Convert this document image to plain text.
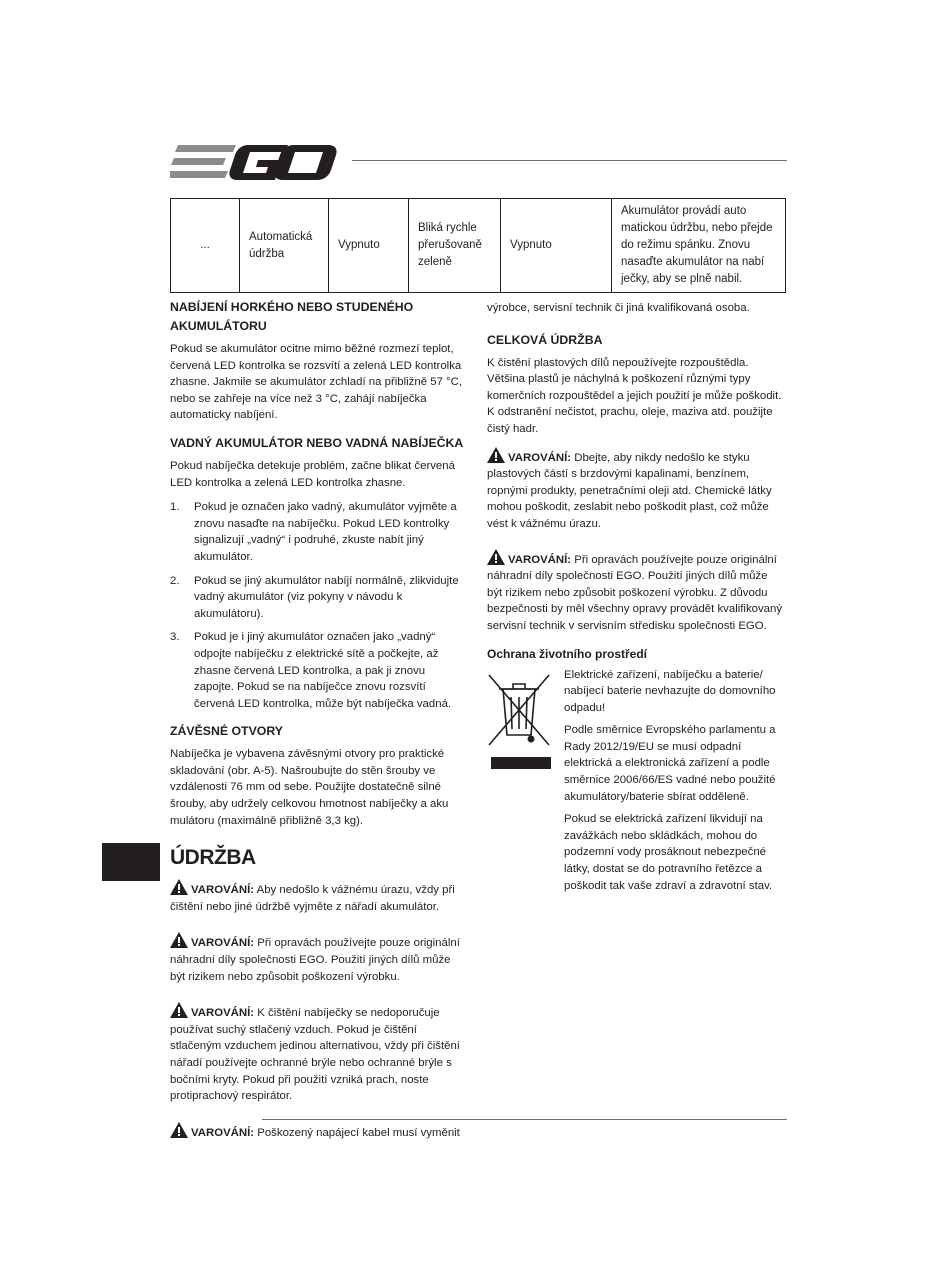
...	Automatická údržba	Vypnuto	Bliká rychle přerušovaně zeleně	Vypnuto	Akumulátor provádí auto matickou údržbu, nebo přejde do režimu spánku. Znovu nasaďte akumulátor na nabí ječky, aby se plně nabil.
NABÍJENÍ HORKÉHO NEBO STUDENÉHO AKUMULÁTORU

Pokud se akumulátor ocitne mimo běžné rozmezí teplot, červená LED kontrolka se rozsvítí a zelená LED kontrolka zhasne. Jakmile se akumulátor zchladí na přibližně 57 °C, nebo se zahřeje na více než 3 °C, zahájí nabíječka automaticky nabíjení.

VADNÝ AKUMULÁTOR NEBO VADNÁ NABÍJEČKA

Pokud nabíječka detekuje problém, začne blikat červená LED kontrolka a zelená LED kontrolka zhasne.

1. Pokud je označen jako vadný, akumulátor vyjměte a znovu nasaďte na nabíječku. Pokud LED kontrolky signalizují „vadný“ i podruhé, zkuste nabít jiný akumulátor.
2. Pokud se jiný akumulátor nabíjí normálně, zlikvidujte vadný akumulátor (viz pokyny v návodu k akumulátoru).
3. Pokud je i jiný akumulátor označen jako „vadný“ odpojte nabíječku z elektrické sítě a počkejte, až zhasne červená LED kontrolka, a pak ji znovu zapojte. Pokud se na nabíječce znovu rozsvítí červená LED kontrolka, může být nabíječka vadná.
ZÁVĚSNÉ OTVORY

Nabíječka je vybavena závěsnými otvory pro praktické skladování (obr. A-5). Našroubujte do stěn šrouby ve vzdálenosti 76 mm od sebe. Použijte dostatečně silné šrouby, aby udržely celkovou hmotnost nabíječky a aku mulátoru (maximálně přibližně 3,3 kg).

ÚDRŽBA

VAROVÁNÍ: Aby nedošlo k vážnému úrazu, vždy při čištění nebo jiné údržbě vyjměte z nářadí akumulátor.

VAROVÁNÍ: Při opravách používejte pouze originální náhradní díly společnosti EGO. Použití jiných dílů může být rizikem nebo způsobit poškození výrobku.

VAROVÁNÍ: K čištění nabíječky se nedoporučuje používat suchý stlačený vzduch. Pokud je čištění stlačeným vzduchem jedinou alternativou, vždy při čištění nářadí používejte ochranné brýle nebo ochranné brýle s bočními kryty. Pokud při použití vzniká prach, noste protiprachový respirátor.

VAROVÁNÍ: Poškozený napájecí kabel musí vyměnit

výrobce, servisní technik či jiná kvalifikovaná osoba.

CELKOVÁ ÚDRŽBA

K čistění plastových dílů nepoužívejte rozpouštědla. Většina plastů je náchylná k poškození různými typy komerčních rozpouštědel a jejich použití je může poškodit. K odstranění nečistot, prachu, oleje, maziva atd. použijte čistý hadr.

VAROVÁNÍ: Dbejte, aby nikdy nedošlo ke styku plastových částí s brzdovými kapalinami, benzínem, ropnými produkty, penetračními oleji atd. Chemické látky mohou poškodit, zeslabit nebo poškodit plast, což může vést k vážnému úrazu.

VAROVÁNÍ: Při opravách používejte pouze originální náhradní díly společnosti EGO. Použití jiných dílů může být rizikem nebo způsobit poškození výrobku. Z důvodu bezpečnosti by měl všechny opravy provádět kvalifikovaný servisní technik v servisním středisku společnosti EGO.

Ochrana životního prostředí

Elektrické zařízení, nabíječku a baterie/ nabíjecí baterie nevhazujte do domovního odpadu!

Podle směrnice Evropského parlamentu a Rady 2012/19/EU se musí odpadní elektrická a elektronická zařízení a podle směrnice 2006/66/ES vadné nebo použité akumulátory/baterie sbírat odděleně.

Pokud se elektrická zařízení likvidují na zavážkách nebo skládkách, mohou do podzemní vody prosáknout nebezpečné látky, dostat se do potravního řetězce a poškodit tak vaše zdraví a zdravotní stav.
